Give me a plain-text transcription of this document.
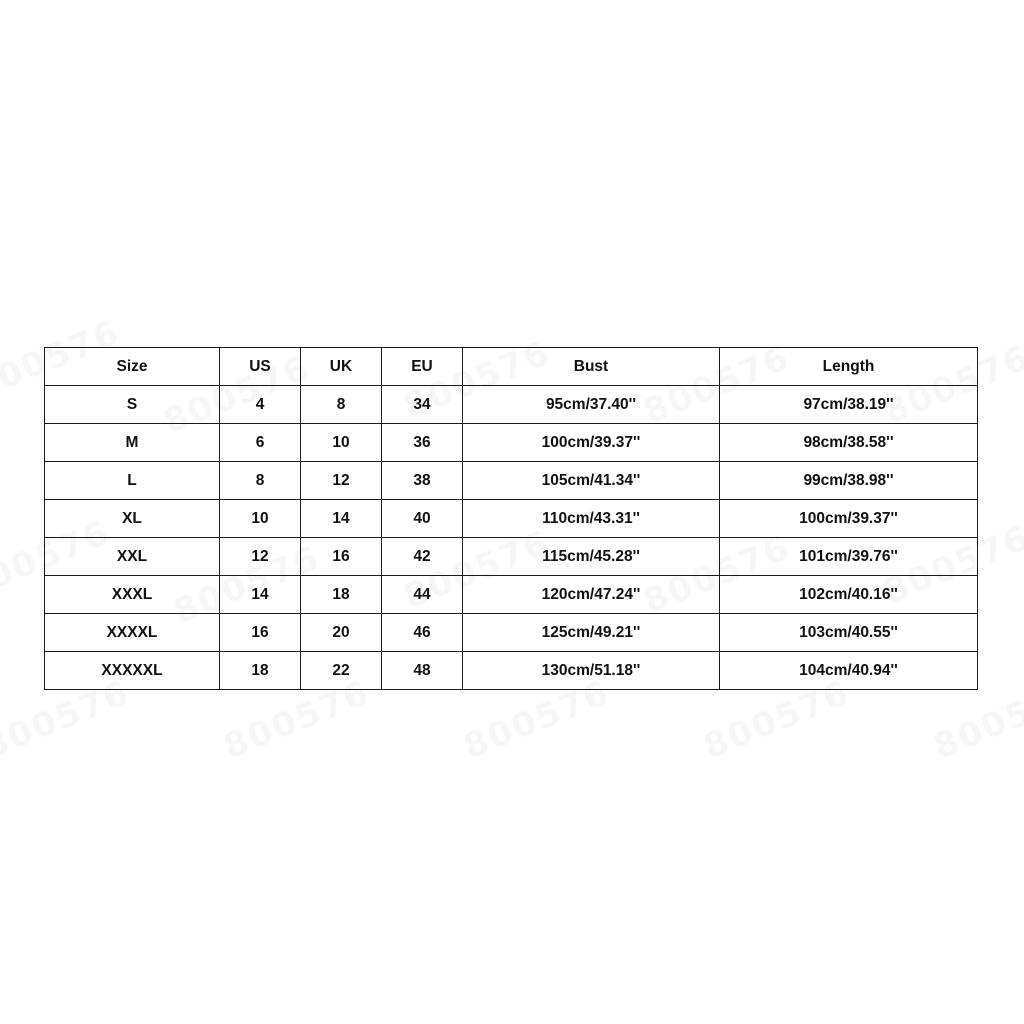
Size	US	UK	EU	Bust	Length
S	4	8	34	95cm/37.40''	97cm/38.19''
M	6	10	36	100cm/39.37''	98cm/38.58''
L	8	12	38	105cm/41.34''	99cm/38.98''
XL	10	14	40	110cm/43.31''	100cm/39.37''
XXL	12	16	42	115cm/45.28''	101cm/39.76''
XXXL	14	18	44	120cm/47.24''	102cm/40.16''
XXXXL	16	20	46	125cm/49.21''	103cm/40.55''
XXXXXL	18	22	48	130cm/51.18''	104cm/40.94''
